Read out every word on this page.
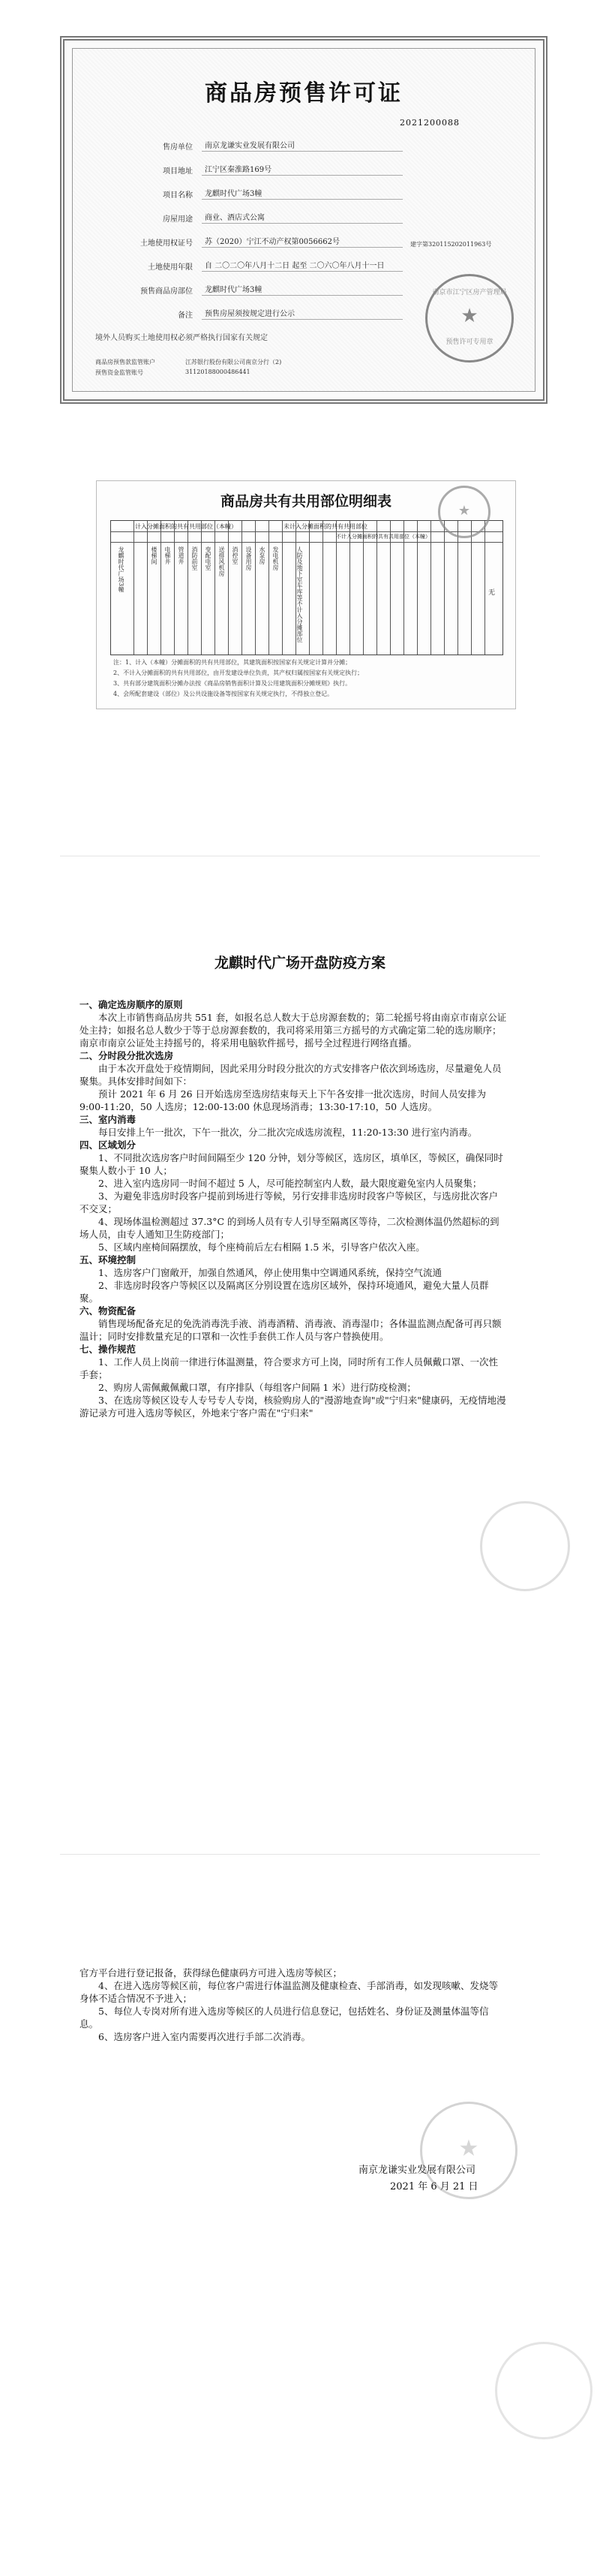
商品房预售许可证
2021200088
售房单位	南京龙谦实业发展有限公司
项目地址	江宁区秦淮路169号
项目名称	龙麒时代广场3幢
房屋用途	商业、酒店式公寓
土地使用权证号	苏（2020）宁江不动产权第0056662号	建字第320115202011963号
土地使用年限	自 二〇二〇年八月十二日 起至 二〇六〇年八月十一日
预售商品房部位	龙麒时代广场3幢
备注	预售房屋须按规定进行公示
境外人员购买土地使用权必须严格执行国家有关规定
商品房预售款监管账户	江苏银行股份有限公司南京分行（2)
预售资金监管账号	31120188000486441
★
南京市江宁区房产管理局
预售许可专用章
商品房共有共用部位明细表
计入分摊面积的共有共用部位（本幢）	未计入分摊面积的共有共用部位
不计入分摊面积的共有共用部位（本幢）
龙麒时代广场3幢	楼梯间 电梯井 管道井 消防前室 变配电室 送排风机房 消控室 设备用房 水泵房 发电机房	人防及地下室车库等不计入分摊部位	无
注：1、计入（本幢）分摊面积的共有共用部位，其建筑面积按国家有关规定计算并分摊；
2、不计入分摊面积的共有共用部位，由开发建设单位负责，其产权归属按国家有关规定执行；
3、共有部分建筑面积分摊办法按《商品房销售面积计算及公用建筑面积分摊规则》执行。
4、会所配套建设（部位）及公共设施设备等按国家有关规定执行，不得独立登记。
★
龙麒时代广场开盘防疫方案

一、确定选房顺序的原则

本次上市销售商品房共 551 套，如报名总人数大于总房源套数的；第二轮摇号将由南京市南京公证处主持；如报名总人数少于等于总房源套数的，我司将采用第三方摇号的方式确定第二轮的选房顺序；南京市南京公证处主持摇号的，将采用电脑软件摇号，摇号全过程进行网络直播。

二、分时段分批次选房

由于本次开盘处于疫情期间，因此采用分时段分批次的方式安排客户依次到场选房，尽量避免人员聚集。具体安排时间如下：

预计 2021 年 6 月 26 日开始选房至选房结束每天上下午各安排一批次选房，时间人员安排为 9:00-11:20，50 人选房；12:00-13:00 休息现场消毒；13:30-17:10，50 人选房。

三、室内消毒

每日安排上午一批次，下午一批次，分二批次完成选房流程，11:20-13:30 进行室内消毒。

四、区域划分

1、不同批次选房客户时间间隔至少 120 分钟，划分等候区，选房区，填单区，等候区，确保同时聚集人数小于 10 人；

2、进入室内选房同一时间不超过 5 人，尽可能控制室内人数，最大限度避免室内人员聚集；

3、为避免非选房时段客户提前到场进行等候，另行安排非选房时段客户等候区，与选房批次客户不交叉；

4、现场体温检测超过 37.3°C 的到场人员有专人引导至隔离区等待，二次检测体温仍然超标的到场人员，由专人通知卫生防疫部门；

5、区域内座椅间隔摆放，每个座椅前后左右相隔 1.5 米，引导客户依次入座。

五、环境控制

1、选房客户门窗敞开，加强自然通风，停止使用集中空调通风系统，保持空气流通

2、非选房时段客户等候区以及隔离区分别设置在选房区域外，保持环境通风，避免大量人员群聚。

六、物资配备

销售现场配备充足的免洗消毒洗手液、消毒酒精、消毒液、消毒湿巾；各体温监测点配备可再只额温计；同时安排数量充足的口罩和一次性手套供工作人员与客户替换使用。

七、操作规范

1、工作人员上岗前一律进行体温测量，符合要求方可上岗，同时所有工作人员佩戴口罩、一次性手套；

2、购房人需佩戴佩戴口罩，有序排队（每组客户间隔 1 米）进行防疫检测；

3、在选房等候区设专人专号专人专岗，核验购房人的"漫游地查询"或"宁归来"健康码，无疫情地漫游记录方可进入选房等候区，外地来宁客户需在"宁归来"

官方平台进行登记报备，获得绿色健康码方可进入选房等候区；

4、在进入选房等候区前，每位客户需进行体温监测及健康检查、手部消毒，如发现咳嗽、发烧等身体不适合情况不予进入；

5、每位人专岗对所有进入选房等候区的人员进行信息登记，包括姓名、身份证及测量体温等信息。

6、选房客户进入室内需要再次进行手部二次消毒。

★
南京龙谦实业发展有限公司
2021 年 6 月 21 日
